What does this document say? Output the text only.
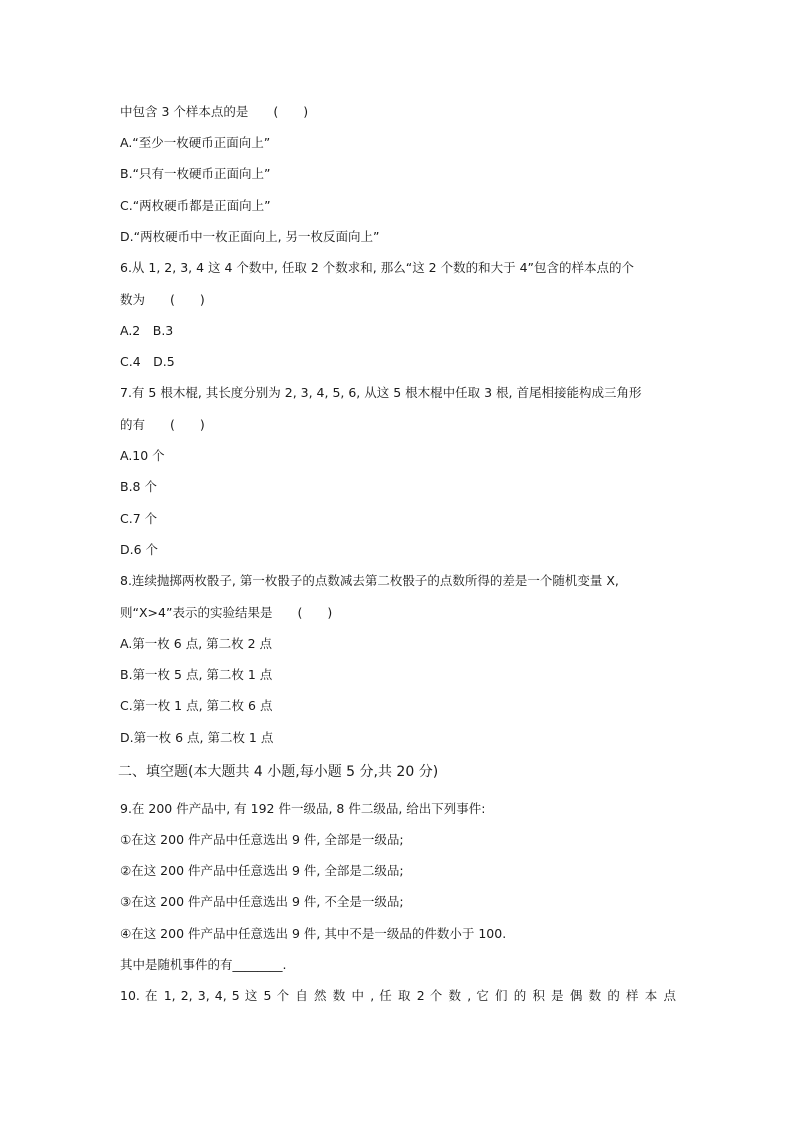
中包含 3 个样本点的是　　(　　)
A.“至少一枚硬币正面向上”
B.“只有一枚硬币正面向上”
C.“两枚硬币都是正面向上”
D.“两枚硬币中一枚正面向上, 另一枚反面向上”
6.从 1, 2, 3, 4 这 4 个数中, 任取 2 个数求和, 那么“这 2 个数的和大于 4”包含的样本点的个
数为　　(　　)
A.2　B.3
C.4　D.5
7.有 5 根木棍, 其长度分别为 2, 3, 4, 5, 6, 从这 5 根木棍中任取 3 根, 首尾相接能构成三角形
的有　　(　　)
A.10 个
B.8 个
C.7 个
D.6 个
8.连续抛掷两枚骰子, 第一枚骰子的点数减去第二枚骰子的点数所得的差是一个随机变量 X,
则“X>4”表示的实验结果是　　(　　)
A.第一枚 6 点, 第二枚 2 点
B.第一枚 5 点, 第二枚 1 点
C.第一枚 1 点, 第二枚 6 点
D.第一枚 6 点, 第二枚 1 点
二、填空题(本大题共 4 小题,每小题 5 分,共 20 分)
9.在 200 件产品中, 有 192 件一级品, 8 件二级品, 给出下列事件:
①在这 200 件产品中任意选出 9 件, 全部是一级品;
②在这 200 件产品中任意选出 9 件, 全部是二级品;
③在这 200 件产品中任意选出 9 件, 不全是一级品;
④在这 200 件产品中任意选出 9 件, 其中不是一级品的件数小于 100.
其中是随机事件的有________.
10. 在 1, 2, 3, 4, 5 这 5 个 自 然 数 中 , 任 取 2 个 数 , 它 们 的 积 是 偶 数 的 样 本 点
